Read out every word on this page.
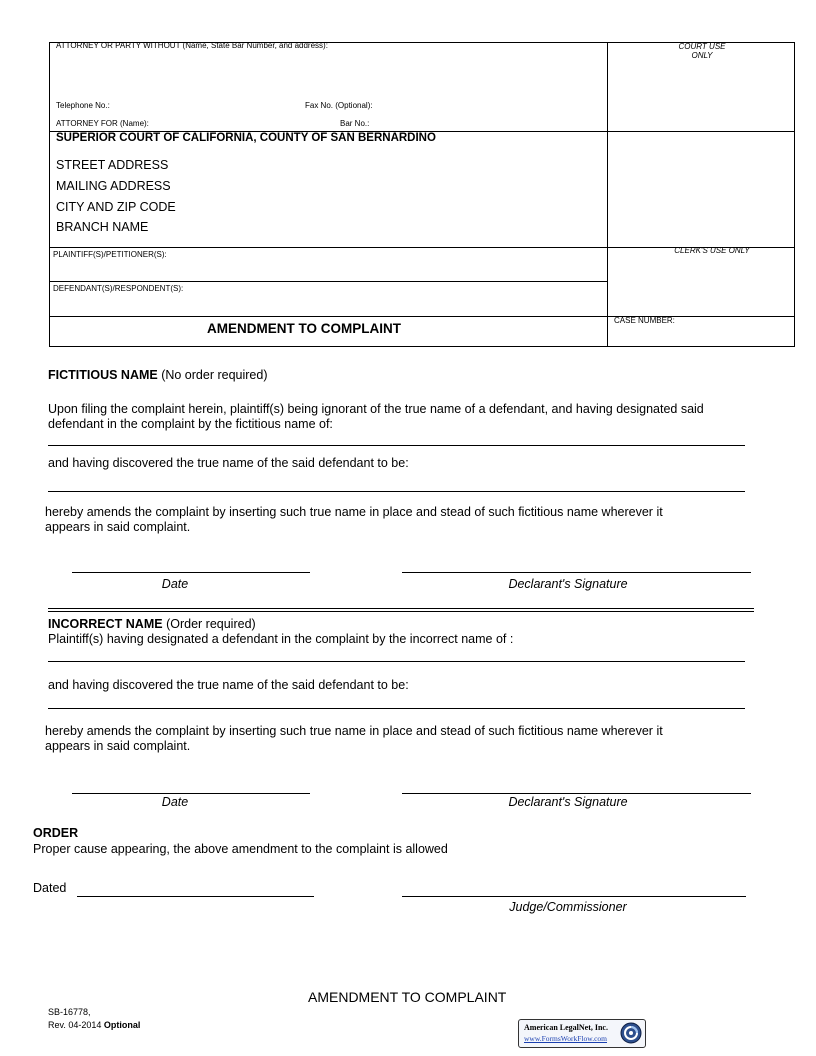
ATTORNEY OR PARTY WITHOUT (Name, State Bar Number, and address):	COURT USE
ONLY
Telephone No.:	Fax No. (Optional):
ATTORNEY FOR (Name):	Bar No.:
SUPERIOR COURT OF CALIFORNIA, COUNTY OF SAN BERNARDINO
STREET ADDRESS
MAILING ADDRESS
CITY AND ZIP CODE
BRANCH NAME
PLAINTIFF(S)/PETITIONER(S):	CLERK'S USE ONLY
DEFENDANT(S)/RESPONDENT(S):
AMENDMENT TO COMPLAINT
CASE NUMBER:
FICTITIOUS NAME (No order required)
Upon filing the complaint herein, plaintiff(s) being ignorant of the true name of a defendant, and having designated said
defendant in the complaint by the fictitious name of:
and having discovered the true name of the said defendant to be:
hereby amends the complaint by inserting such true name in place and stead of such fictitious name wherever it
appears in said complaint.
Date	Declarant's Signature
INCORRECT NAME (Order required)
Plaintiff(s) having designated a defendant in the complaint by the incorrect name of :
and having discovered the true name of the said defendant to be:
hereby amends the complaint by inserting such true name in place and stead of such fictitious name wherever it
appears in said complaint.
Date	Declarant's Signature
ORDER
Proper cause appearing, the above amendment to the complaint is allowed
Dated
Judge/Commissioner
AMENDMENT TO COMPLAINT
SB-16778,
Rev. 04-2014 Optional	American LegalNet, Inc.
www.FormsWorkFlow.com
